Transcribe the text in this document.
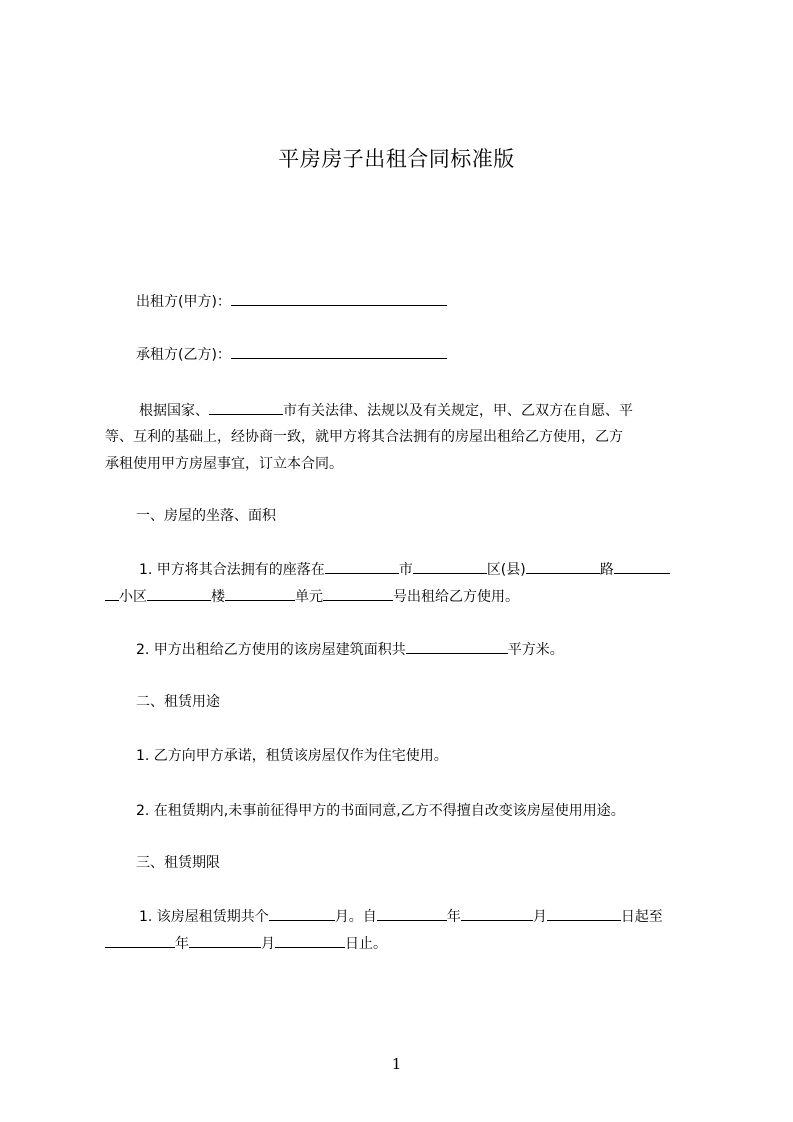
平房房子出租合同标准版
出租方(甲方)：
承租方(乙方)：
根据国家、	市有关法律、法规以及有关规定，甲、乙双方在自愿、平
等、互利的基础上，经协商一致，就甲方将其合法拥有的房屋出租给乙方使用，乙方
承租使用甲方房屋事宜，订立本合同。
一、房屋的坐落、面积
1. 甲方将其合法拥有的座落在	市	区(县)	路
小区	楼	单元	号出租给乙方使用。
2. 甲方出租给乙方使用的该房屋建筑面积共	平方米。
二、租赁用途
1. 乙方向甲方承诺，租赁该房屋仅作为住宅使用。
2. 在租赁期内,未事前征得甲方的书面同意,乙方不得擅自改变该房屋使用用途。
三、租赁期限
1. 该房屋租赁期共个	月。自	年	月	日起至
年	月	日止。
1
